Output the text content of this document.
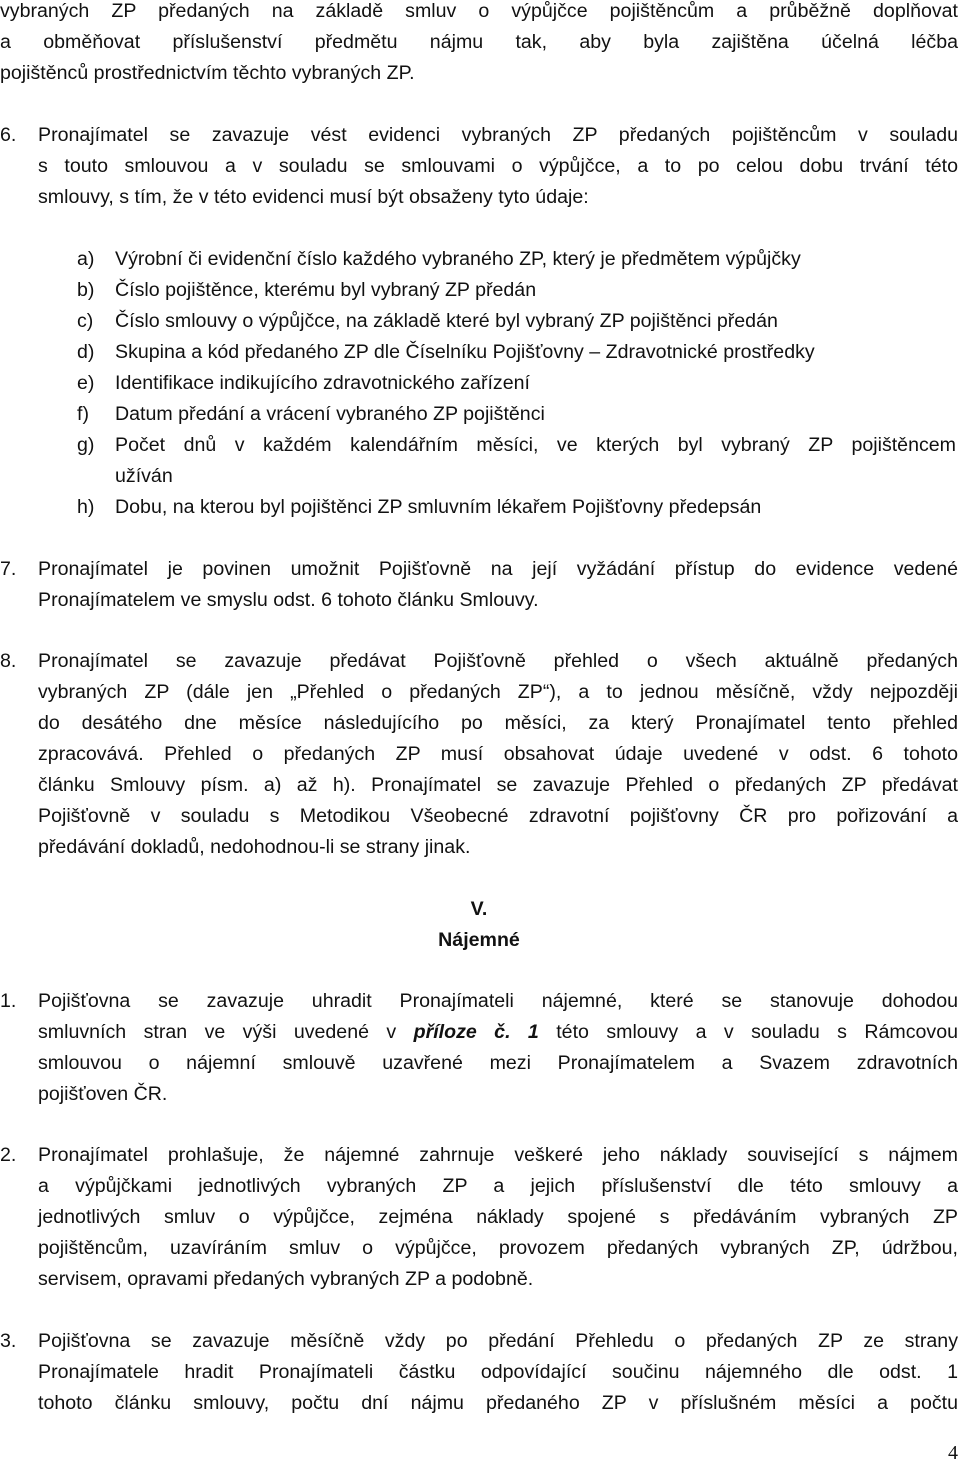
vybraných ZP předaných na základě smluv o výpůjčce pojištěncům a průběžně doplňovat
a obměňovat příslušenství předmětu nájmu tak, aby byla zajištěna účelná léčba
pojištěnců prostřednictvím těchto vybraných ZP.
6. Pronajímatel se zavazuje vést evidenci vybraných ZP předaných pojištěncům v souladu
s touto smlouvou a v souladu se smlouvami o výpůjčce, a to po celou dobu trvání této
smlouvy, s tím, že v této evidenci musí být obsaženy tyto údaje:
a) Výrobní či evidenční číslo každého vybraného ZP, který je předmětem výpůjčky
b) Číslo pojištěnce, kterému byl vybraný ZP předán
c) Číslo smlouvy o výpůjčce, na základě které byl vybraný ZP pojištěnci předán
d) Skupina a kód předaného ZP dle Číselníku Pojišťovny – Zdravotnické prostředky
e) Identifikace indikujícího zdravotnického zařízení
f) Datum předání a vrácení vybraného ZP pojištěnci
g) Počet dnů v každém kalendářním měsíci, ve kterých byl vybraný ZP pojištěncem
užíván
h) Dobu, na kterou byl pojištěnci ZP smluvním lékařem Pojišťovny předepsán
7. Pronajímatel je povinen umožnit Pojišťovně na její vyžádání přístup do evidence vedené
Pronajímatelem ve smyslu odst. 6 tohoto článku Smlouvy.
8. Pronajímatel se zavazuje předávat Pojišťovně přehled o všech aktuálně předaných
vybraných ZP (dále jen „Přehled o předaných ZP“), a to jednou měsíčně, vždy nejpozději
do desátého dne měsíce následujícího po měsíci, za který Pronajímatel tento přehled
zpracovává. Přehled o předaných ZP musí obsahovat údaje uvedené v odst. 6 tohoto
článku Smlouvy písm. a) až h). Pronajímatel se zavazuje Přehled o předaných ZP předávat
Pojišťovně v souladu s Metodikou Všeobecné zdravotní pojišťovny ČR pro pořizování a
předávání dokladů, nedohodnou-li se strany jinak.
V.
Nájemné
1. Pojišťovna se zavazuje uhradit Pronajímateli nájemné, které se stanovuje dohodou
smluvních stran ve výši uvedené v příloze č. 1 této smlouvy a v souladu s Rámcovou
smlouvou o nájemní smlouvě uzavřené mezi Pronajímatelem a Svazem zdravotních
pojišťoven ČR.
2. Pronajímatel prohlašuje, že nájemné zahrnuje veškeré jeho náklady související s nájmem
a výpůjčkami jednotlivých vybraných ZP a jejich příslušenství dle této smlouvy a
jednotlivých smluv o výpůjčce, zejména náklady spojené s předáváním vybraných ZP
pojištěncům, uzavíráním smluv o výpůjčce, provozem předaných vybraných ZP, údržbou,
servisem, opravami předaných vybraných ZP a podobně.
3. Pojišťovna se zavazuje měsíčně vždy po předání Přehledu o předaných ZP ze strany
Pronajímatele hradit Pronajímateli částku odpovídající součinu nájemného dle odst. 1
tohoto článku smlouvy, počtu dní nájmu předaného ZP v příslušném měsíci a počtu
4
